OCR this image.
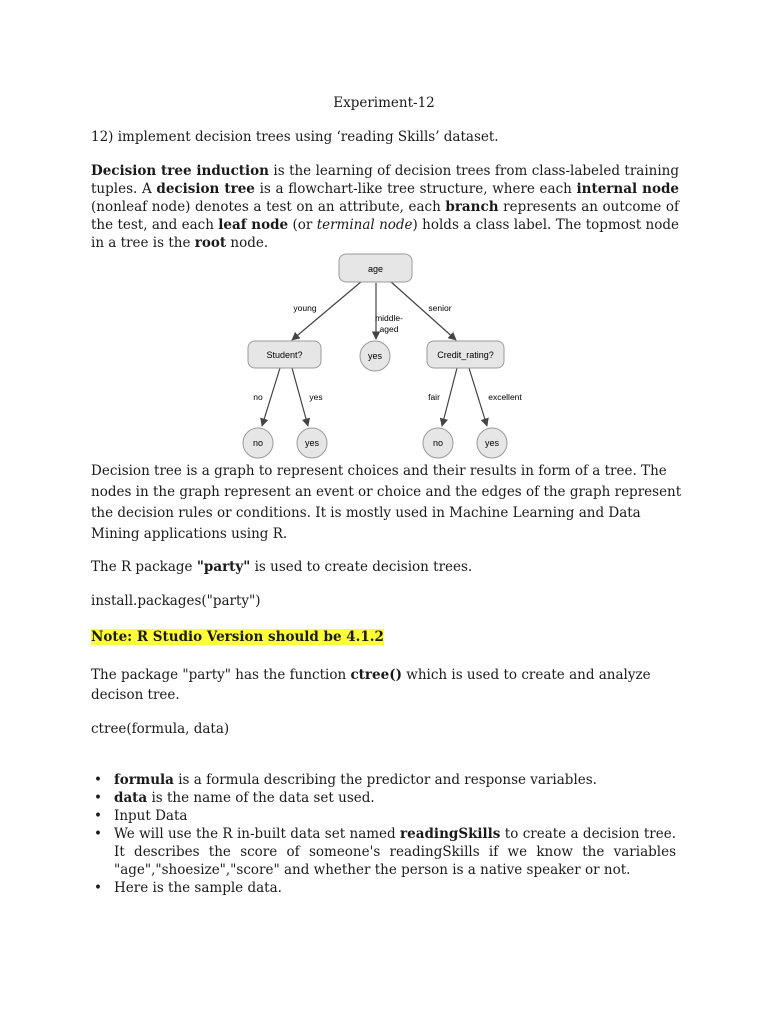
Experiment-12
12) implement decision trees using ‘reading Skills’ dataset.
Decision tree induction is the learning of decision trees from class-labeled training tuples. A decision tree is a flowchart-like tree structure, where each internal node (nonleaf node) denotes a test on an attribute, each branch represents an outcome of the test, and each leaf node (or terminal node) holds a class label. The topmost node in a tree is the root node.
age
young
middle-
aged
senior
Student?	yes	Credit_rating?
no	yes	fair	excellent
no	yes	no	yes
Decision tree is a graph to represent choices and their results in form of a tree. The nodes in the graph represent an event or choice and the edges of the graph represent the decision rules or conditions. It is mostly used in Machine Learning and Data Mining applications using R.
The R package "party" is used to create decision trees.
install.packages("party")
Note: R Studio Version should be 4.1.2
The package "party" has the function ctree() which is used to create and analyze decison tree.
ctree(formula, data)
• formula is a formula describing the predictor and response variables.
• data is the name of the data set used.
• Input Data
• We will use the R in-built data set named readingSkills to create a decision tree. It describes the score of someone's readingSkills if we know the variables "age","shoesize","score" and whether the person is a native speaker or not.
• Here is the sample data.
